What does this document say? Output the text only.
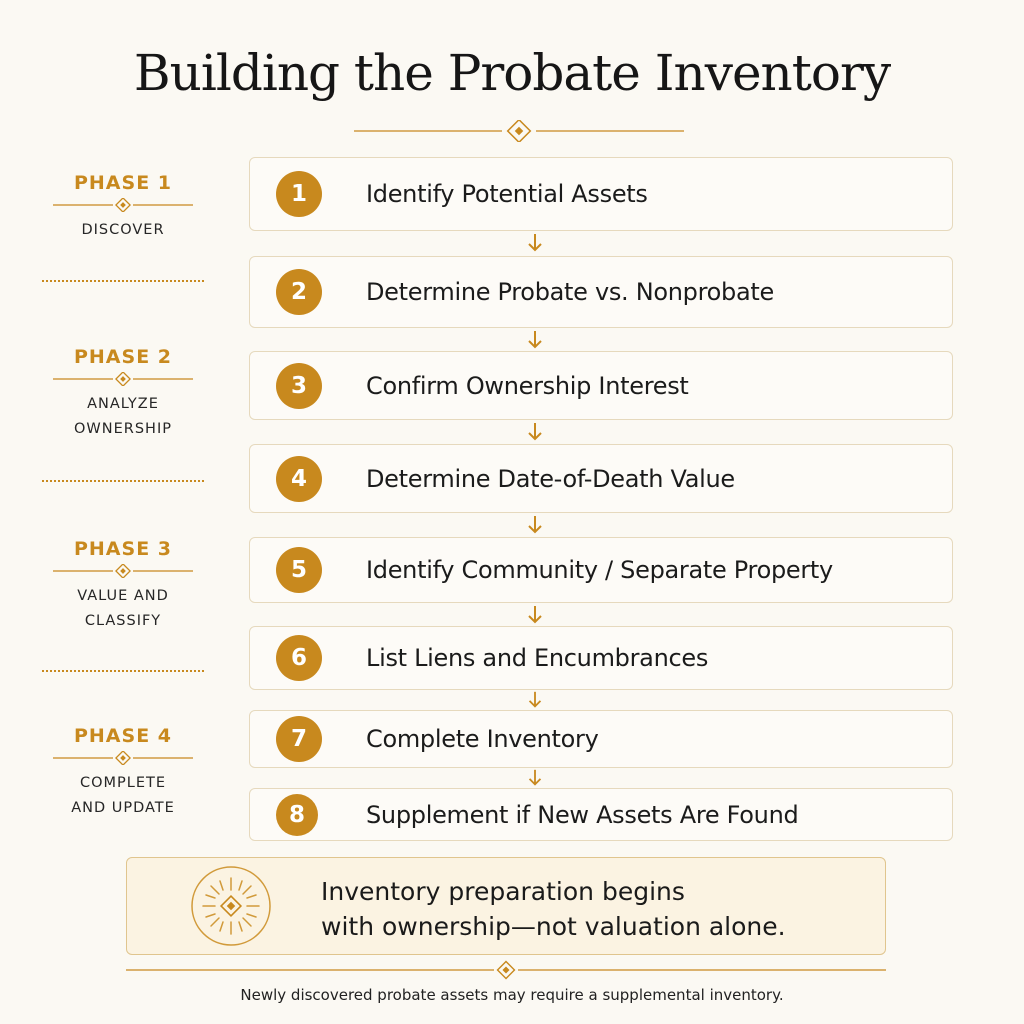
Building the Probate Inventory
PHASE 1
DISCOVER
PHASE 2
ANALYZE
OWNERSHIP
PHASE 3
VALUE AND
CLASSIFY
PHASE 4
COMPLETE
AND UPDATE
1	Identify Potential Assets
2	Determine Probate vs. Nonprobate
3	Confirm Ownership Interest
4	Determine Date-of-Death Value
5	Identify Community / Separate Property
6	List Liens and Encumbrances
7	Complete Inventory
8	Supplement if New Assets Are Found
Inventory preparation begins
with ownership—not valuation alone.
Newly discovered probate assets may require a supplemental inventory.
